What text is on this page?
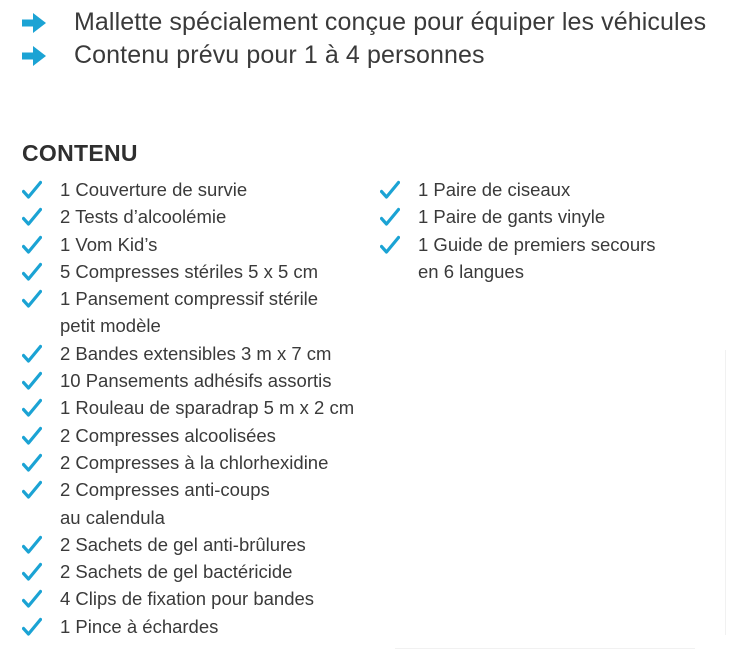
Mallette spécialement conçue pour équiper les véhicules
Contenu prévu pour 1 à 4 personnes
CONTENU
1 Couverture de survie
2 Tests d’alcoolémie
1 Vom Kid’s
5 Compresses stériles 5 x 5 cm
1 Pansement compressif stérile
petit modèle
2 Bandes extensibles 3 m x 7 cm
10 Pansements adhésifs assortis
1 Rouleau de sparadrap 5 m x 2 cm
2 Compresses alcoolisées
2 Compresses à la chlorhexidine
2 Compresses anti-coups
au calendula
2 Sachets de gel anti-brûlures
2 Sachets de gel bactéricide
4 Clips de fixation pour bandes
1 Pince à échardes
1 Paire de ciseaux
1 Paire de gants vinyle
1 Guide de premiers secours
en 6 langues
